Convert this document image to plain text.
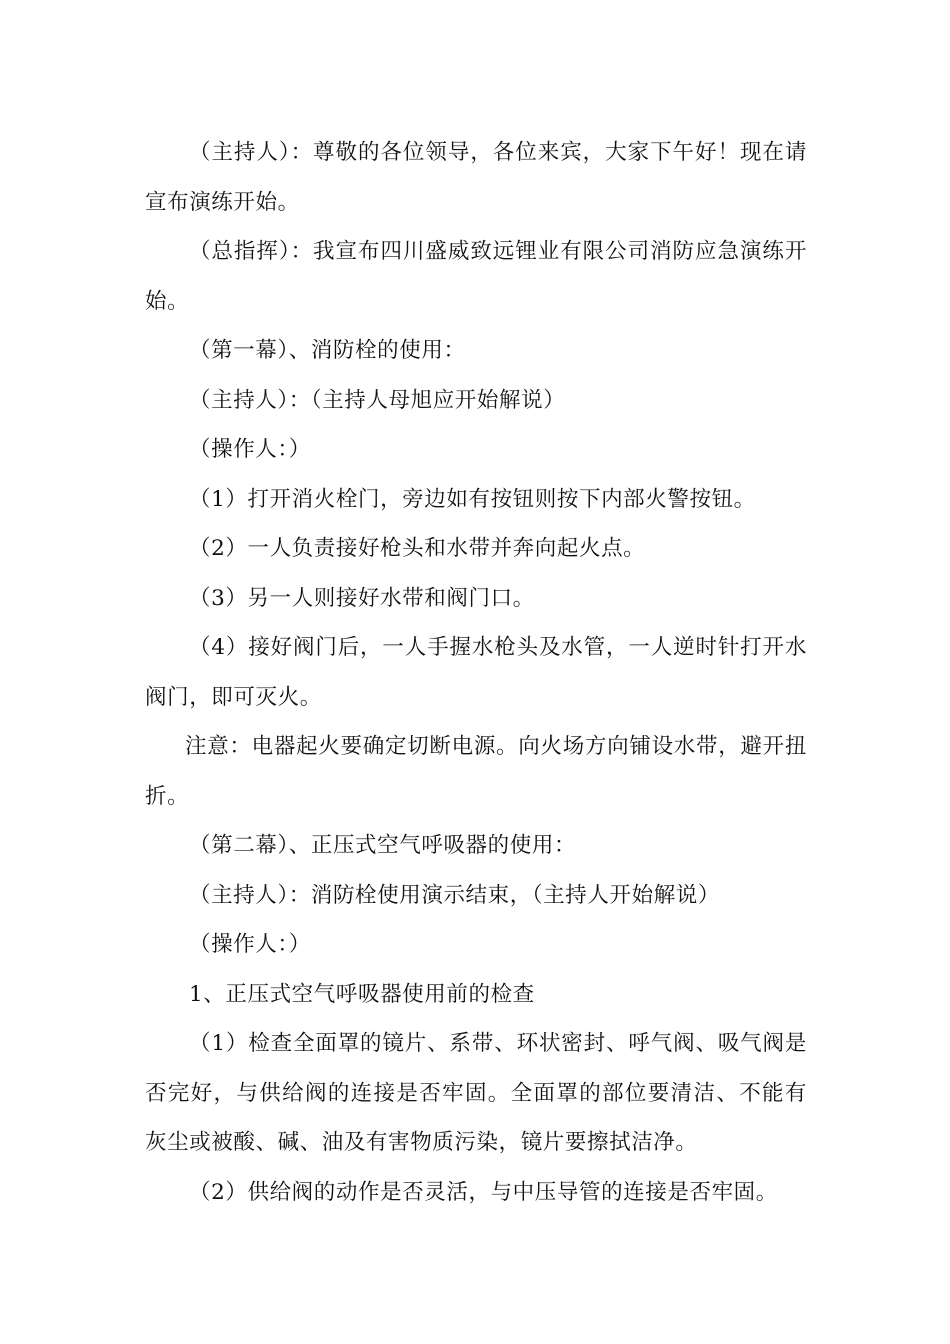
（主持人）：尊敬的各位领导，各位来宾，大家下午好！现在请宣布演练开始。

（总指挥）：我宣布四川盛威致远锂业有限公司消防应急演练开始。

（第一幕）、消防栓的使用：

（主持人）：（主持人母旭应开始解说）

（操作人：）

（1）打开消火栓门，旁边如有按钮则按下内部火警按钮。

（2）一人负责接好枪头和水带并奔向起火点。

（3）另一人则接好水带和阀门口。

（4）接好阀门后，一人手握水枪头及水管，一人逆时针打开水阀门，即可灭火。

注意：电器起火要确定切断电源。向火场方向铺设水带，避开扭折。

（第二幕）、正压式空气呼吸器的使用：

（主持人）：消防栓使用演示结束，（主持人开始解说）

（操作人：）

1、正压式空气呼吸器使用前的检查

（1）检查全面罩的镜片、系带、环状密封、呼气阀、吸气阀是否完好，与供给阀的连接是否牢固。全面罩的部位要清洁、不能有灰尘或被酸、碱、油及有害物质污染，镜片要擦拭洁净。

（2）供给阀的动作是否灵活，与中压导管的连接是否牢固。
